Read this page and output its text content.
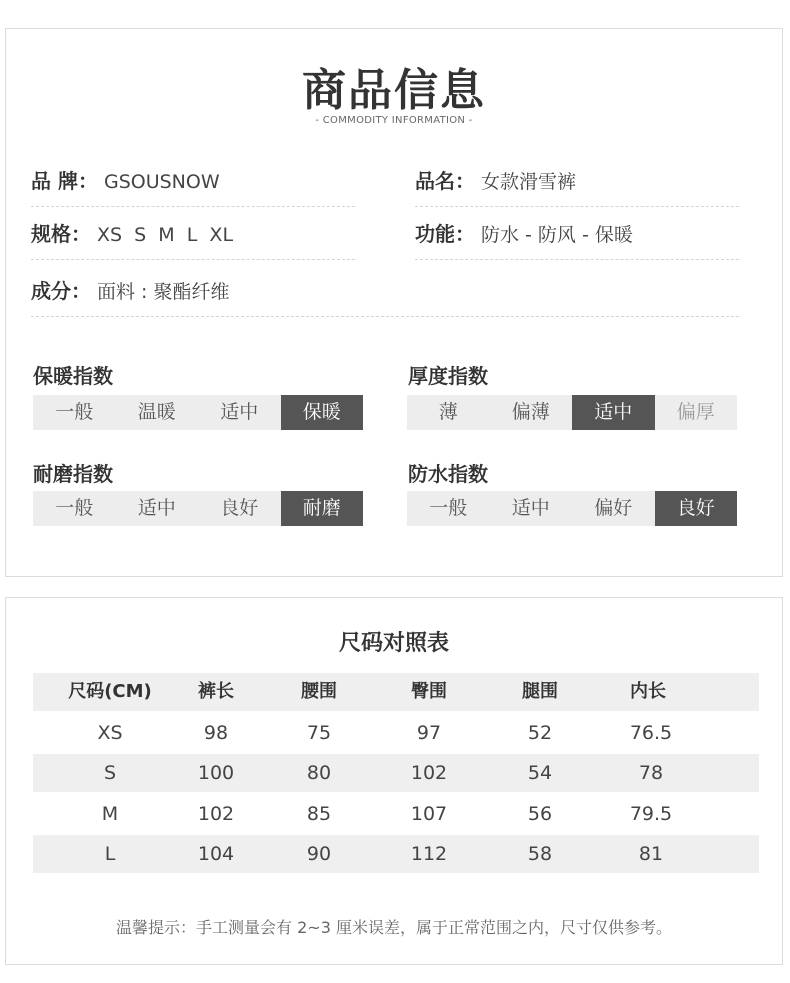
商品信息
- COMMODITY INFORMATION -
品 牌： GSOUSNOW	品名： 女款滑雪裤
规格： XS  S  M  L  XL	功能： 防水 - 防风 - 保暖
成分： 面料 : 聚酯纤维
保暖指数
一般	温暖	适中	保暖
厚度指数
薄	偏薄	适中	偏厚
耐磨指数
一般	适中	良好	耐磨
防水指数
一般	适中	偏好	良好
尺码对照表
尺码(CM)	裤长	腰围	臀围	腿围	内长
XS	98	75	97	52	76.5
S	100	80	102	54	78
M	102	85	107	56	79.5
L	104	90	112	58	81
温馨提示：手工测量会有 2~3 厘米误差，属于正常范围之内，尺寸仅供参考。
